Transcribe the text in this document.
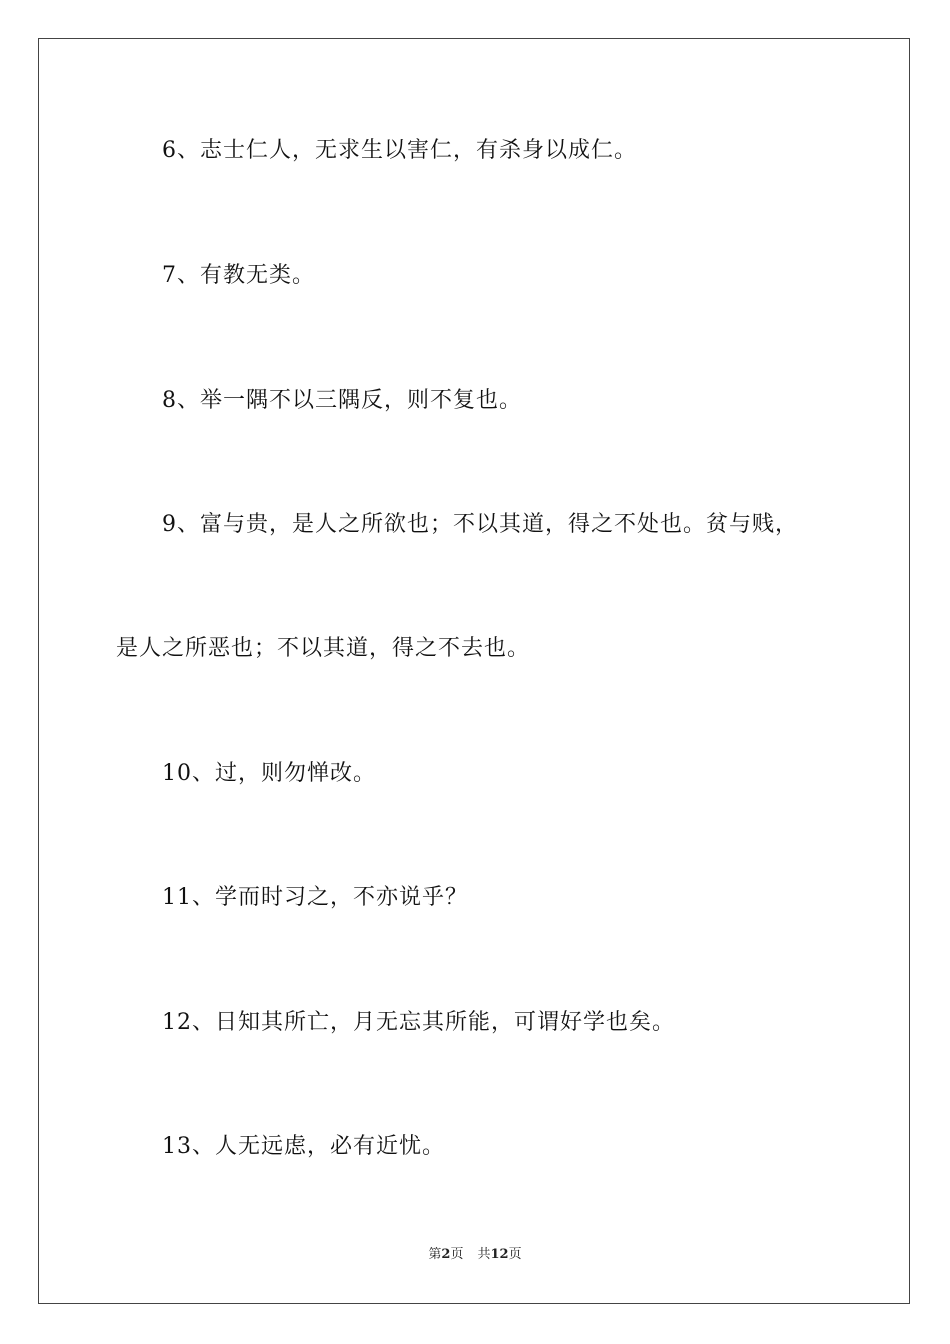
6、志士仁人，无求生以害仁，有杀身以成仁。
7、有教无类。
8、举一隅不以三隅反，则不复也。
9、富与贵，是人之所欲也；不以其道，得之不处也。贫与贱，
是人之所恶也；不以其道，得之不去也。
10、过，则勿惮改。
11、学而时习之，不亦说乎？
12、日知其所亡，月无忘其所能，可谓好学也矣。
13、人无远虑，必有近忧。
第2页 共12页
